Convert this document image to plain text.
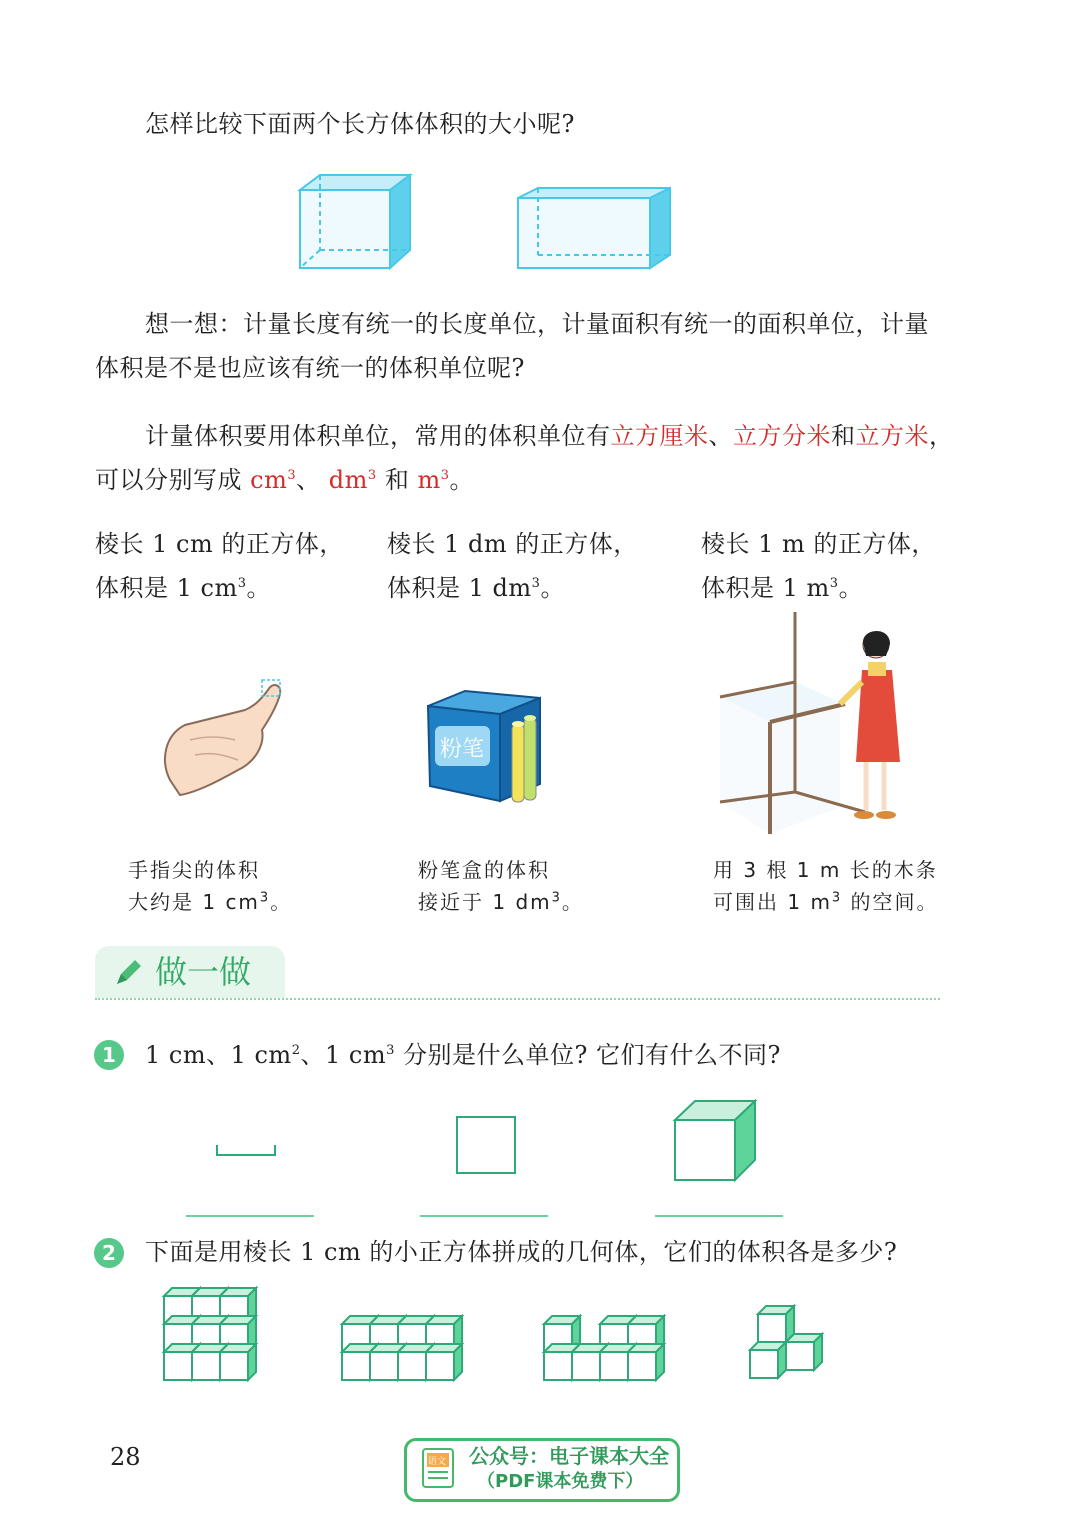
怎样比较下面两个长方体体积的大小呢?
想一想：计量长度有统一的长度单位，计量面积有统一的面积单位，计量
体积是不是也应该有统一的体积单位呢?
计量体积要用体积单位，常用的体积单位有立方厘米、立方分米和立方米，
可以分别写成 $cm^3$、 $dm^3$ 和 $m^3$。
棱长 1 cm 的正方体，
体积是 1 $cm^3$。
棱长 1 dm 的正方体，
体积是 1 $dm^3$。
棱长 1 m 的正方体，
体积是 1 $m^3$。
粉笔
手指尖的体积
大约是 1 $cm^3$。
粉笔盒的体积
接近于 1 $dm^3$。
用 3 根 1 m 长的木条
可围出 1 $m^3$ 的空间。
做一做
1	1 cm、1 $cm^2$、1 $cm^3$ 分别是什么单位? 它们有什么不同?
2	下面是用棱长 1 cm 的小正方体拼成的几何体，它们的体积各是多少?
28	语文 公众号：电子课本大全
（PDF课本免费下）
